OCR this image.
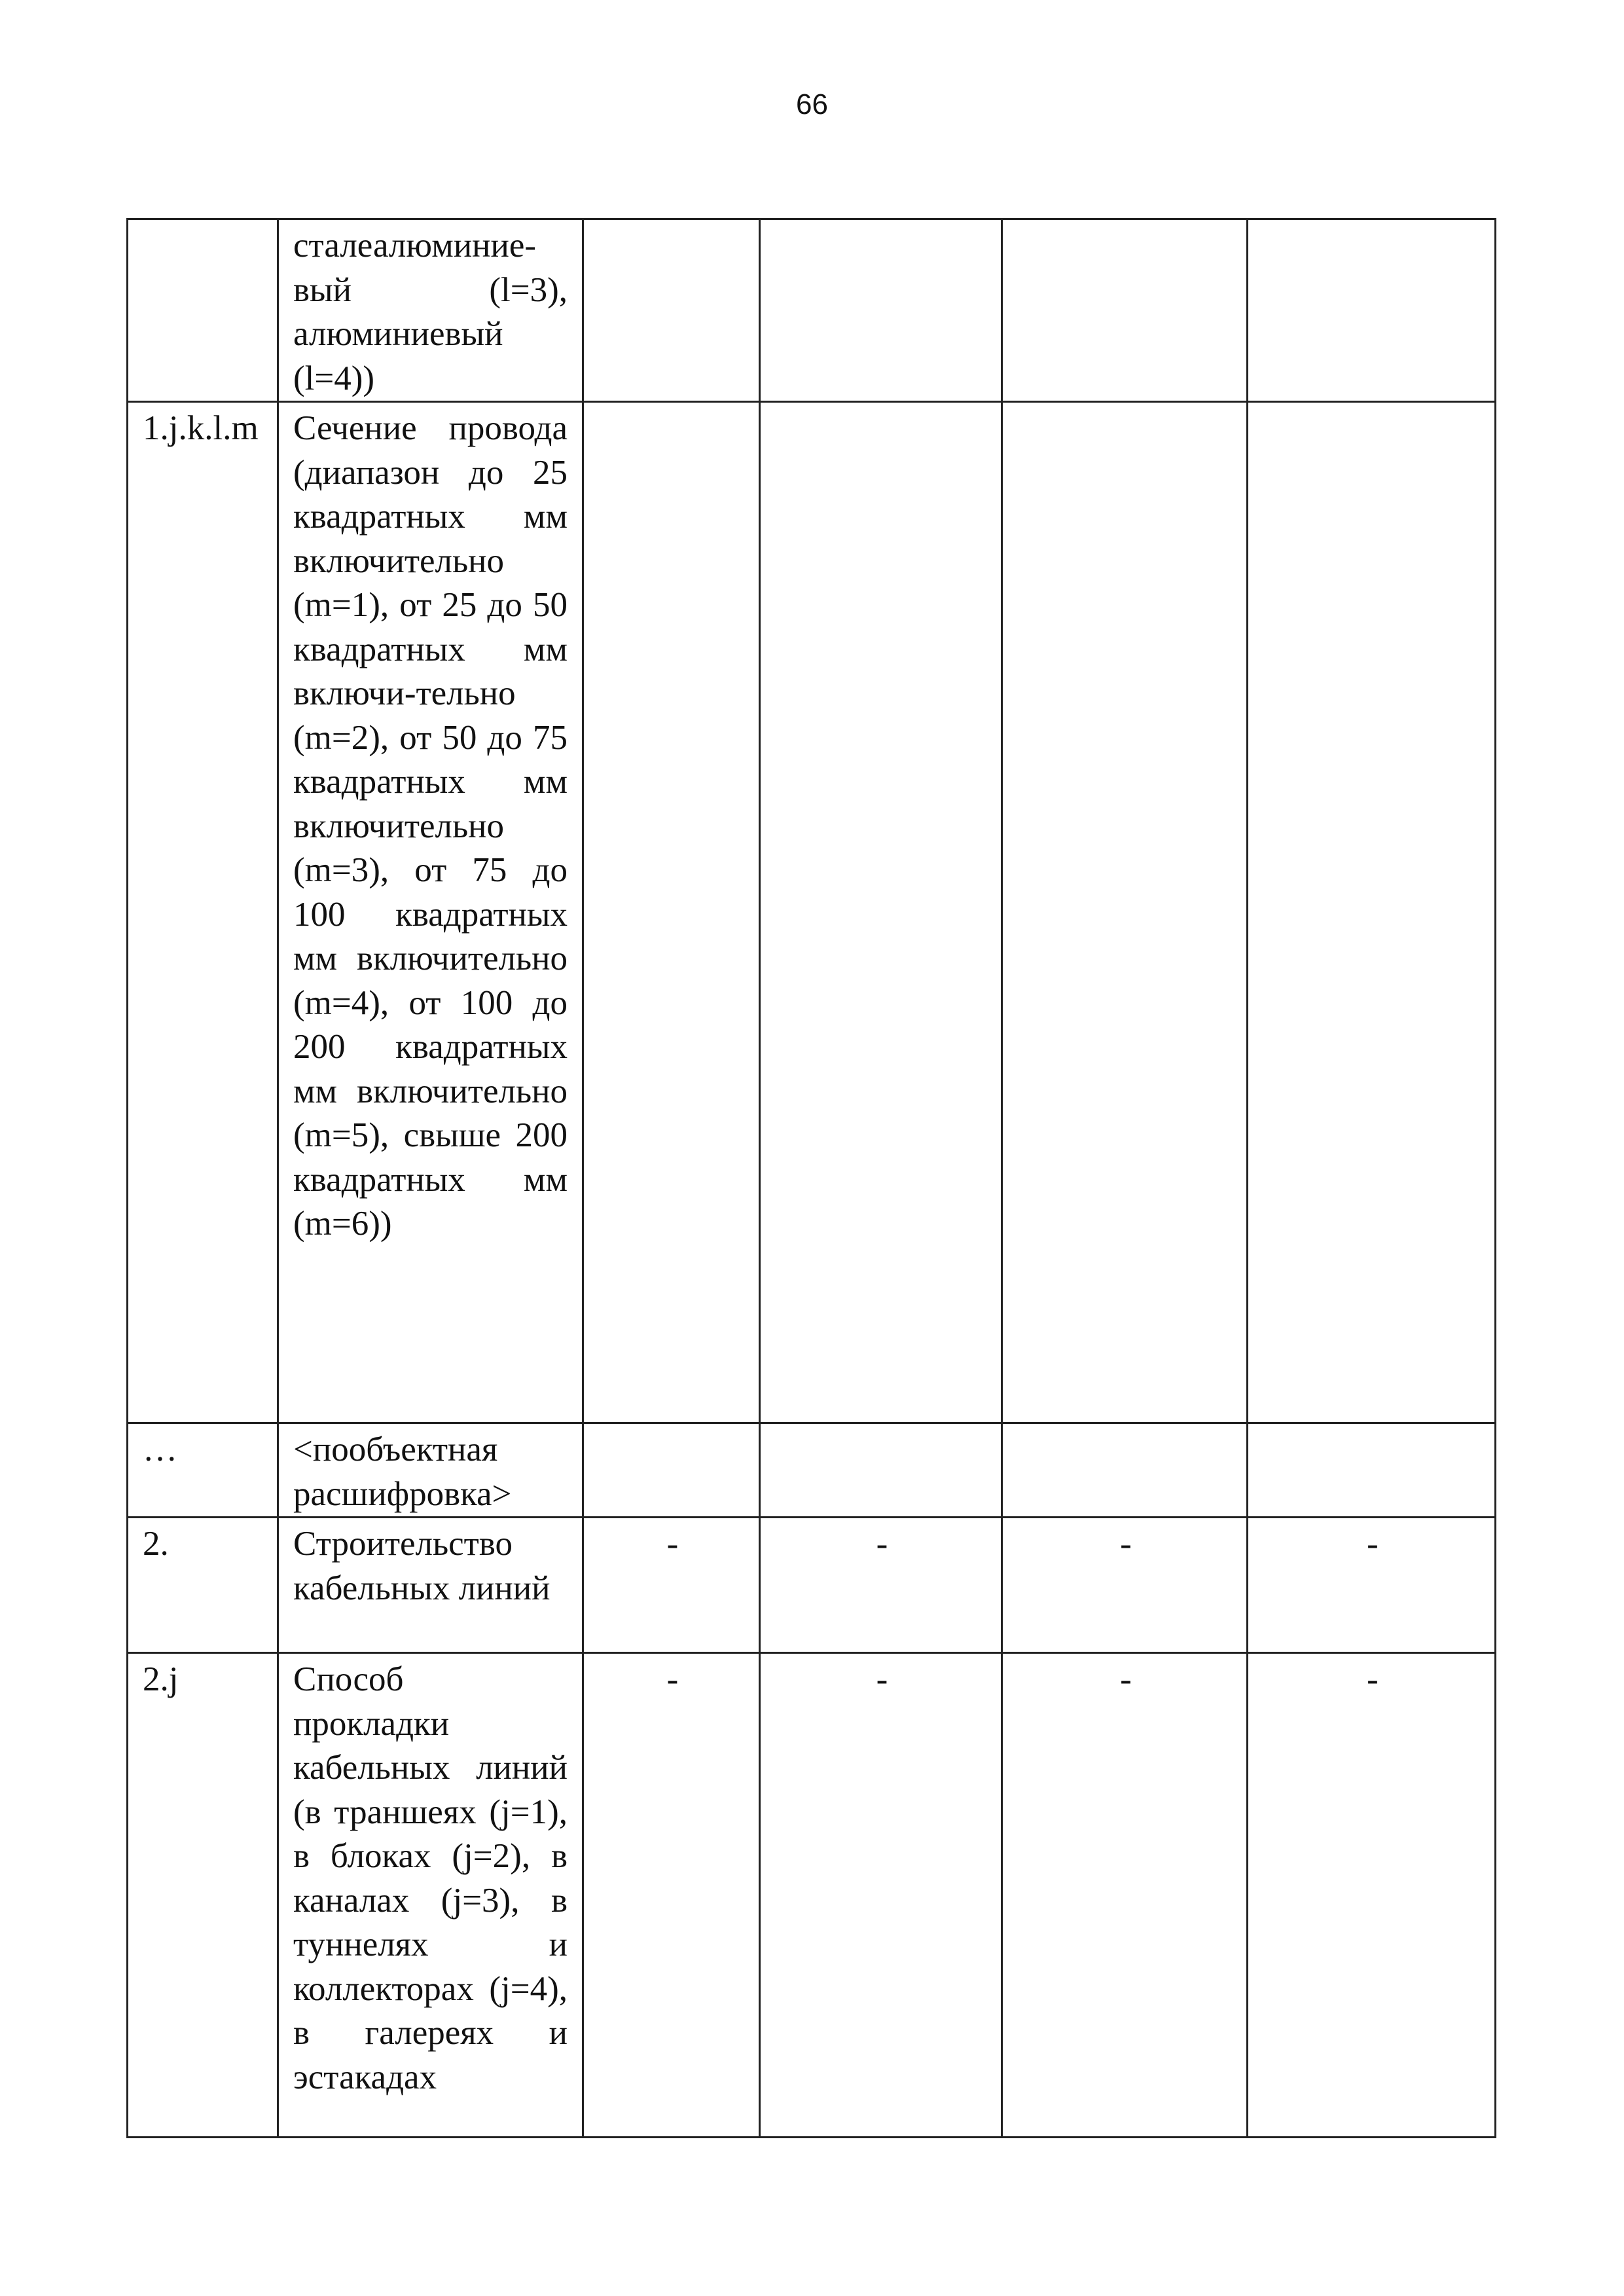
66
	сталеалюминие-вый (l=3), алюминиевый (l=4))				
1.j.k.l.m	Сечение провода (диапазон до 25 квадратных мм включительно (m=1), от 25 до 50 квадратных мм включи-тельно (m=2), от 50 до 75 квадратных мм включительно (m=3), от 75 до 100 квадратных мм включительно (m=4), от 100 до 200 квадратных мм включительно (m=5), свыше 200 квадратных мм (m=6))				
…	<пообъектная расшифровка>				
2.	Строительство кабельных линий	-	-	-	-
2.j	Способ прокладки кабельных линий (в траншеях (j=1), в блоках (j=2), в каналах (j=3), в туннелях и коллекторах (j=4), в галереях и эстакадах	-	-	-	-
